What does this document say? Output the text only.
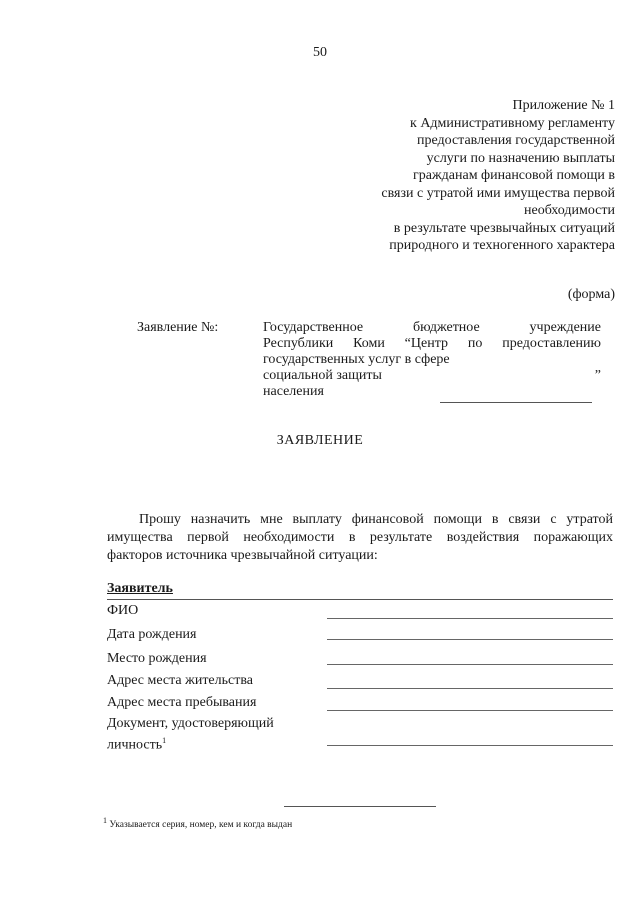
50
Приложение № 1
к Административному регламенту
предоставления государственной
услуги по назначению выплаты
гражданам финансовой помощи в
связи с утратой ими имущества первой
необходимости
в результате чрезвычайных ситуаций
природного и техногенного характера
(форма)
Заявление №:	Государственное бюджетное учреждение
Республики Коми “Центр по предоставлению
государственных услуг в сфере
социальной защиты	”
населения
ЗАЯВЛЕНИЕ
Прошу назначить мне выплату финансовой помощи в связи с утратой
имущества первой необходимости в результате воздействия поражающих
факторов источника чрезвычайной ситуации:
Заявитель
ФИО
Дата рождения
Место рождения
Адрес места жительства
Адрес места пребывания
Документ, удостоверяющий
личность$^1$
$^1$ Указывается серия, номер, кем и когда выдан
